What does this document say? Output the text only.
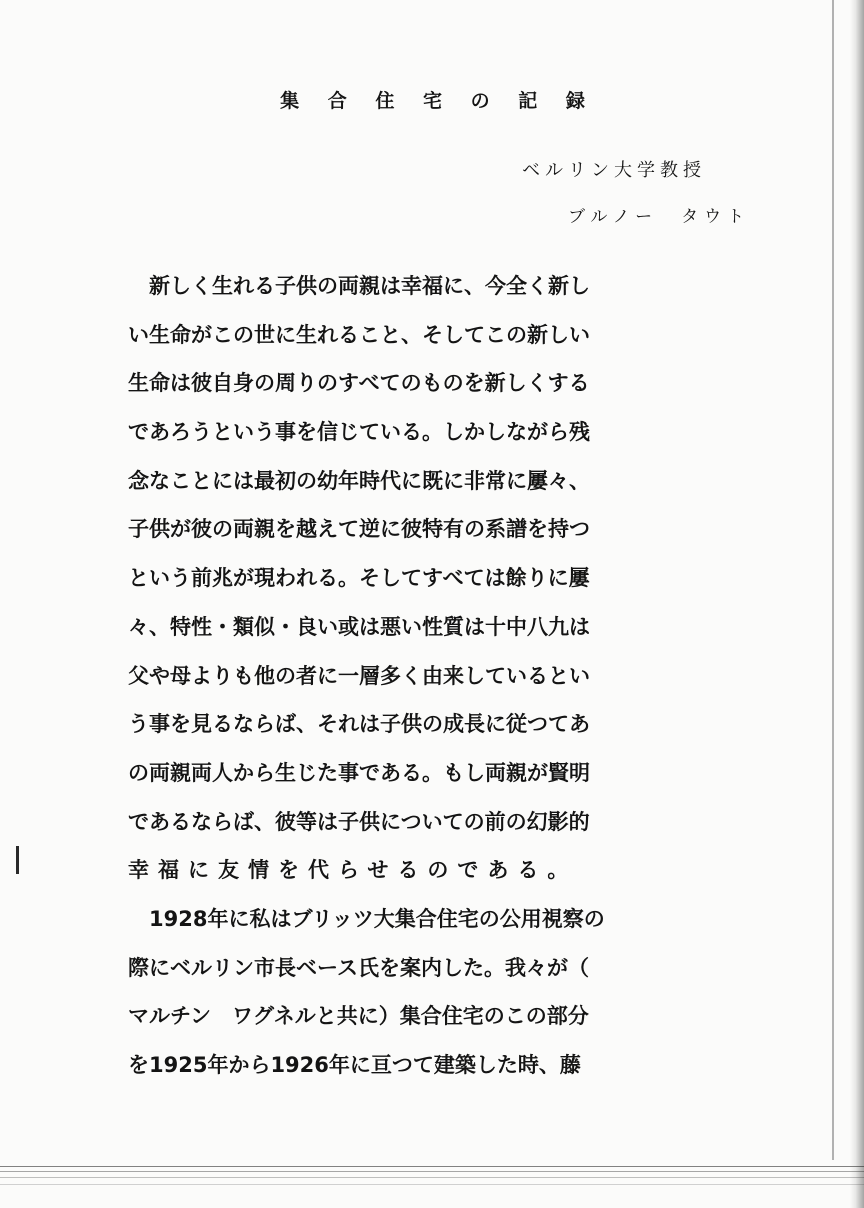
集 合 住 宅 の 記 録
ベルリン大学教授
ブルノー　タウト
　新しく生れる子供の両親は幸福に、今全く新し
い生命がこの世に生れること、そしてこの新しい
生命は彼自身の周りのすべてのものを新しくする
であろうという事を信じている。しかしながら残
念なことには最初の幼年時代に既に非常に屢々、
子供が彼の両親を越えて逆に彼特有の系譜を持つ
という前兆が現われる。そしてすべては餘りに屢
々、特性・類似・良い或は悪い性質は十中八九は
父や母よりも他の者に一層多く由来しているとい
う事を見るならば、それは子供の成長に従つてあ
の両親両人から生じた事である。もし両親が賢明
であるならば、彼等は子供についての前の幻影的
幸福に友情を代らせるのである。
　1928年に私はブリッツ大集合住宅の公用視察の
際にベルリン市長ベース氏を案内した。我々が（
マルチン　ワグネルと共に）集合住宅のこの部分
を1925年から1926年に亘つて建築した時、藤
